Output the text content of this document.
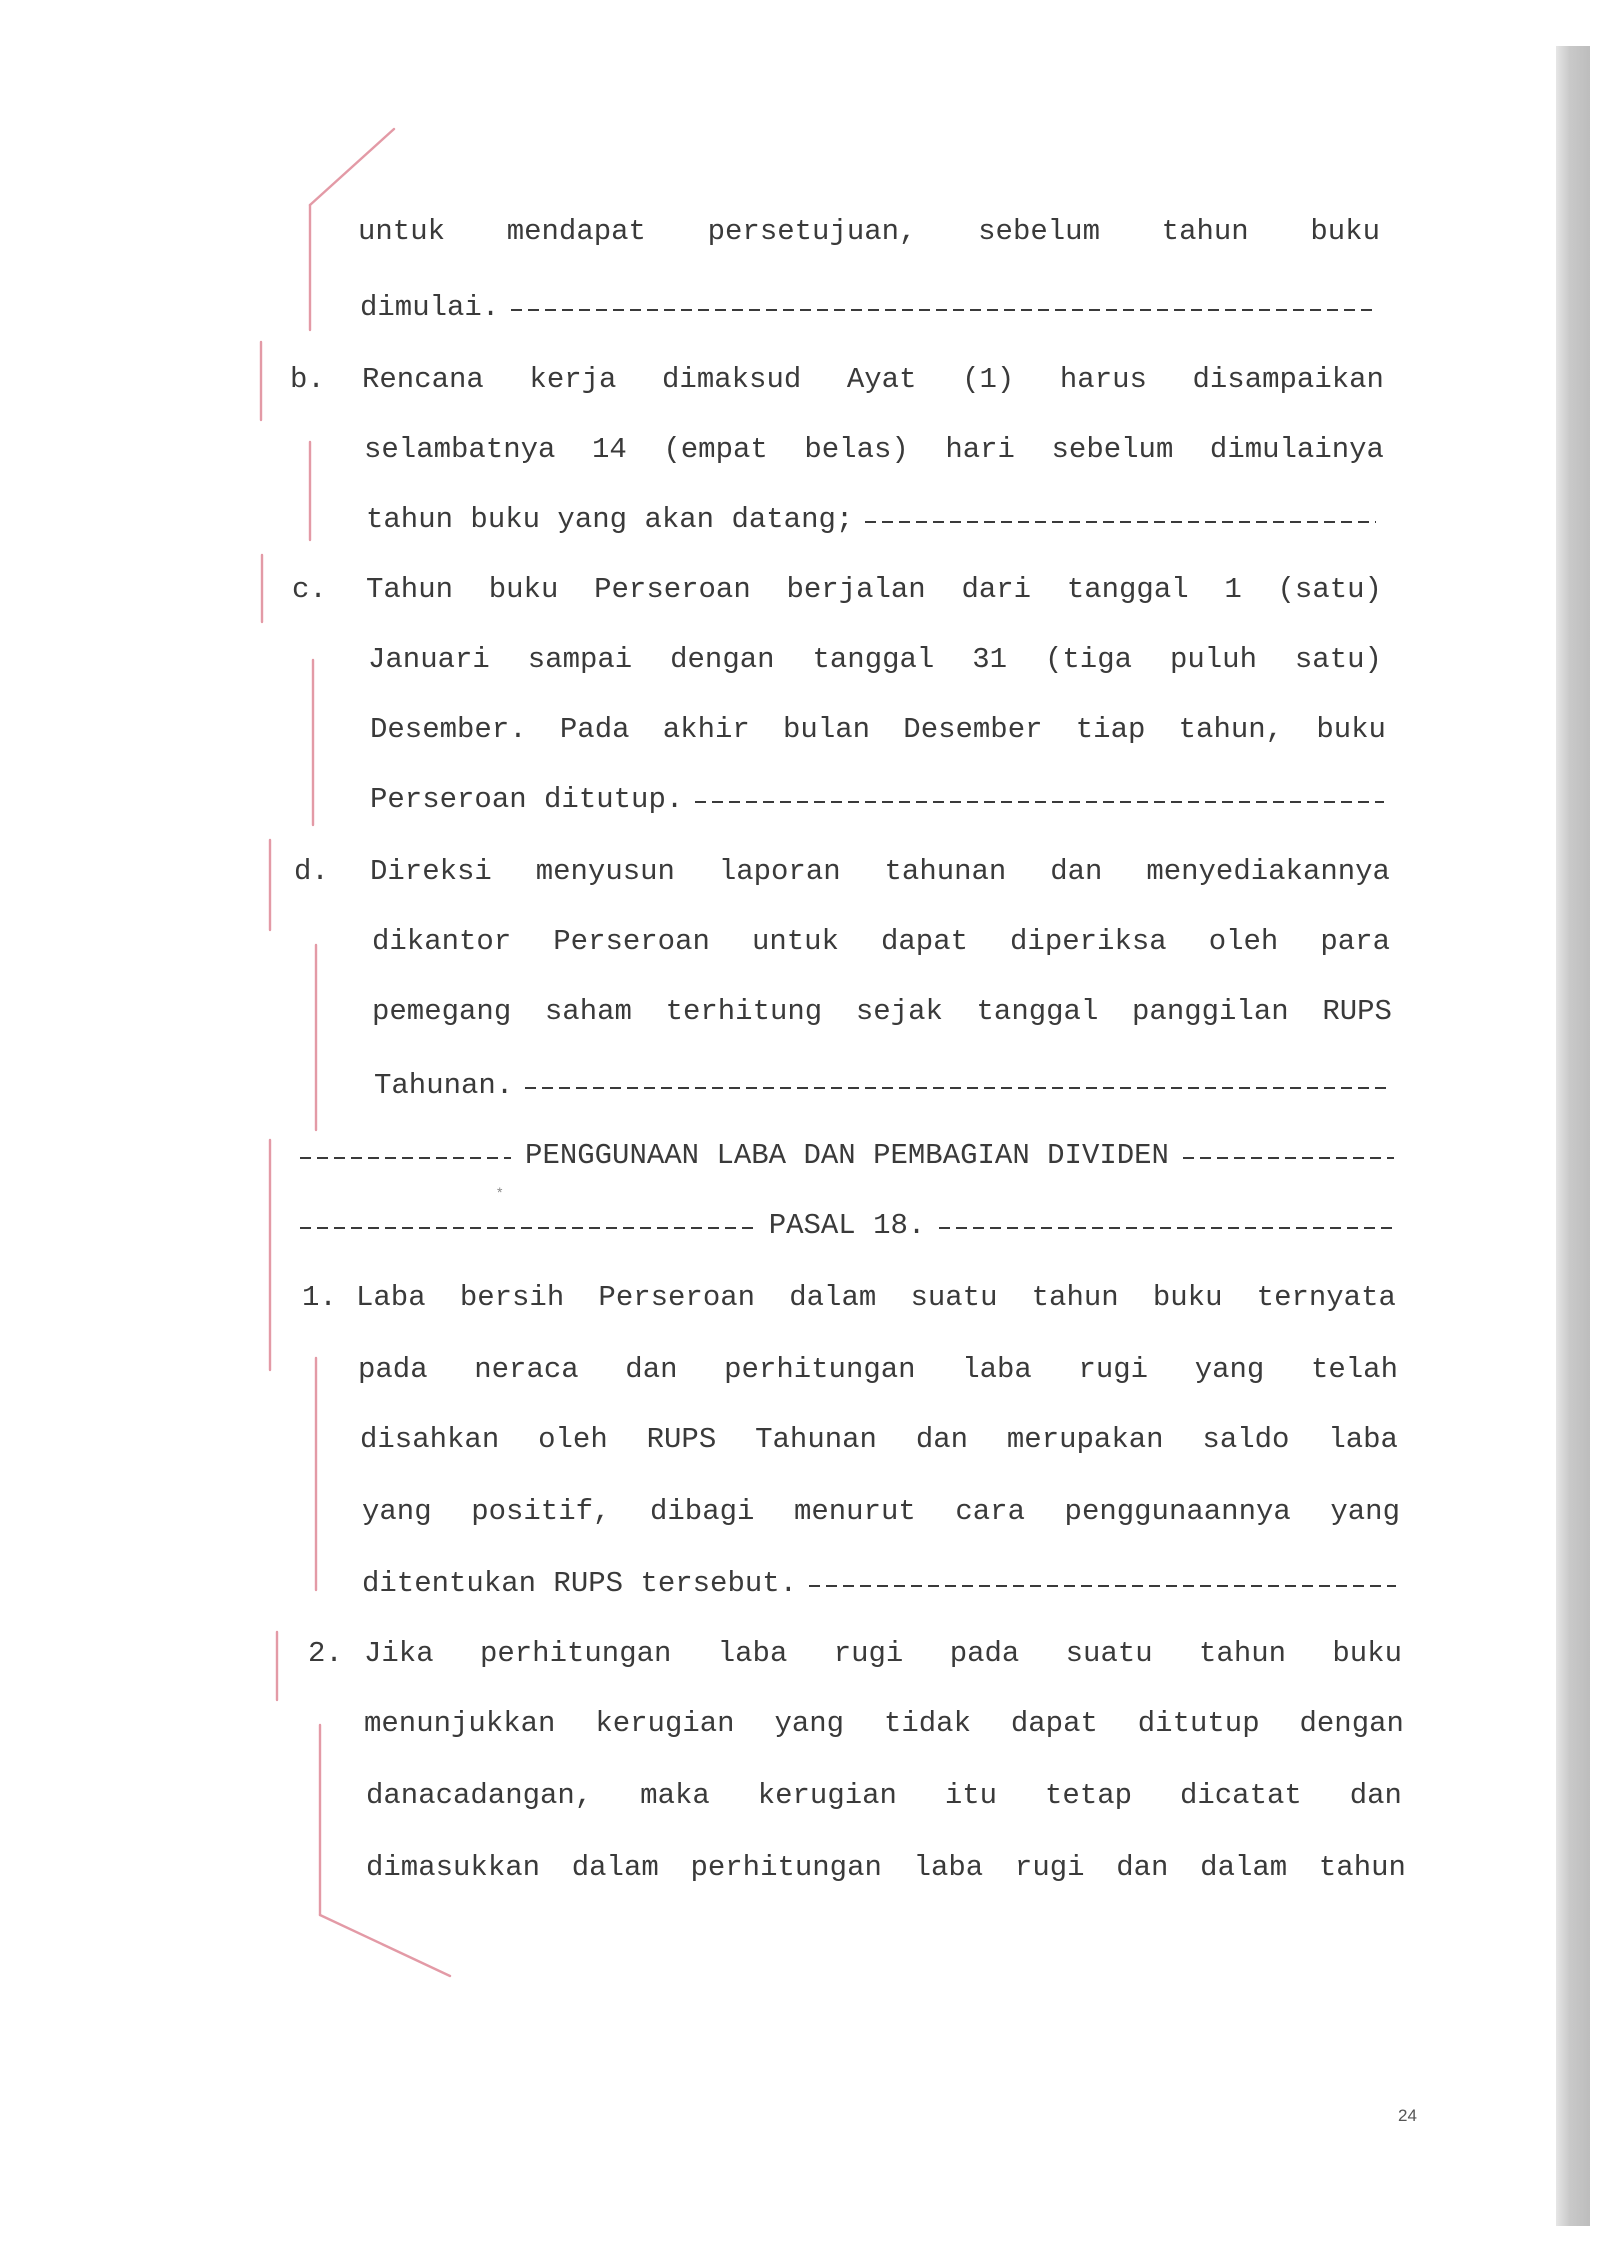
untuk mendapat persetujuan, sebelum tahun buku
dimulai.
b. Rencana kerja dimaksud Ayat (1) harus disampaikan
selambatnya 14 (empat belas) hari sebelum dimulainya
tahun buku yang akan datang;
c. Tahun buku Perseroan berjalan dari tanggal 1 (satu)
Januari sampai dengan tanggal 31 (tiga puluh satu)
Desember. Pada akhir bulan Desember tiap tahun, buku
Perseroan ditutup.
d. Direksi menyusun laporan tahunan dan menyediakannya
dikantor Perseroan untuk dapat diperiksa oleh para
pemegang saham terhitung sejak tanggal panggilan RUPS
Tahunan.
PENGGUNAAN LABA DAN PEMBAGIAN DIVIDEN
PASAL 18.
1. Laba bersih Perseroan dalam suatu tahun buku ternyata
pada neraca dan perhitungan laba rugi yang telah
disahkan oleh RUPS Tahunan dan merupakan saldo laba
yang positif, dibagi menurut cara penggunaannya yang
ditentukan RUPS tersebut.
2. Jika perhitungan laba rugi pada suatu tahun buku
menunjukkan kerugian yang tidak dapat ditutup dengan
danacadangan, maka kerugian itu tetap dicatat dan
dimasukkan dalam perhitungan laba rugi dan dalam tahun
*
24
